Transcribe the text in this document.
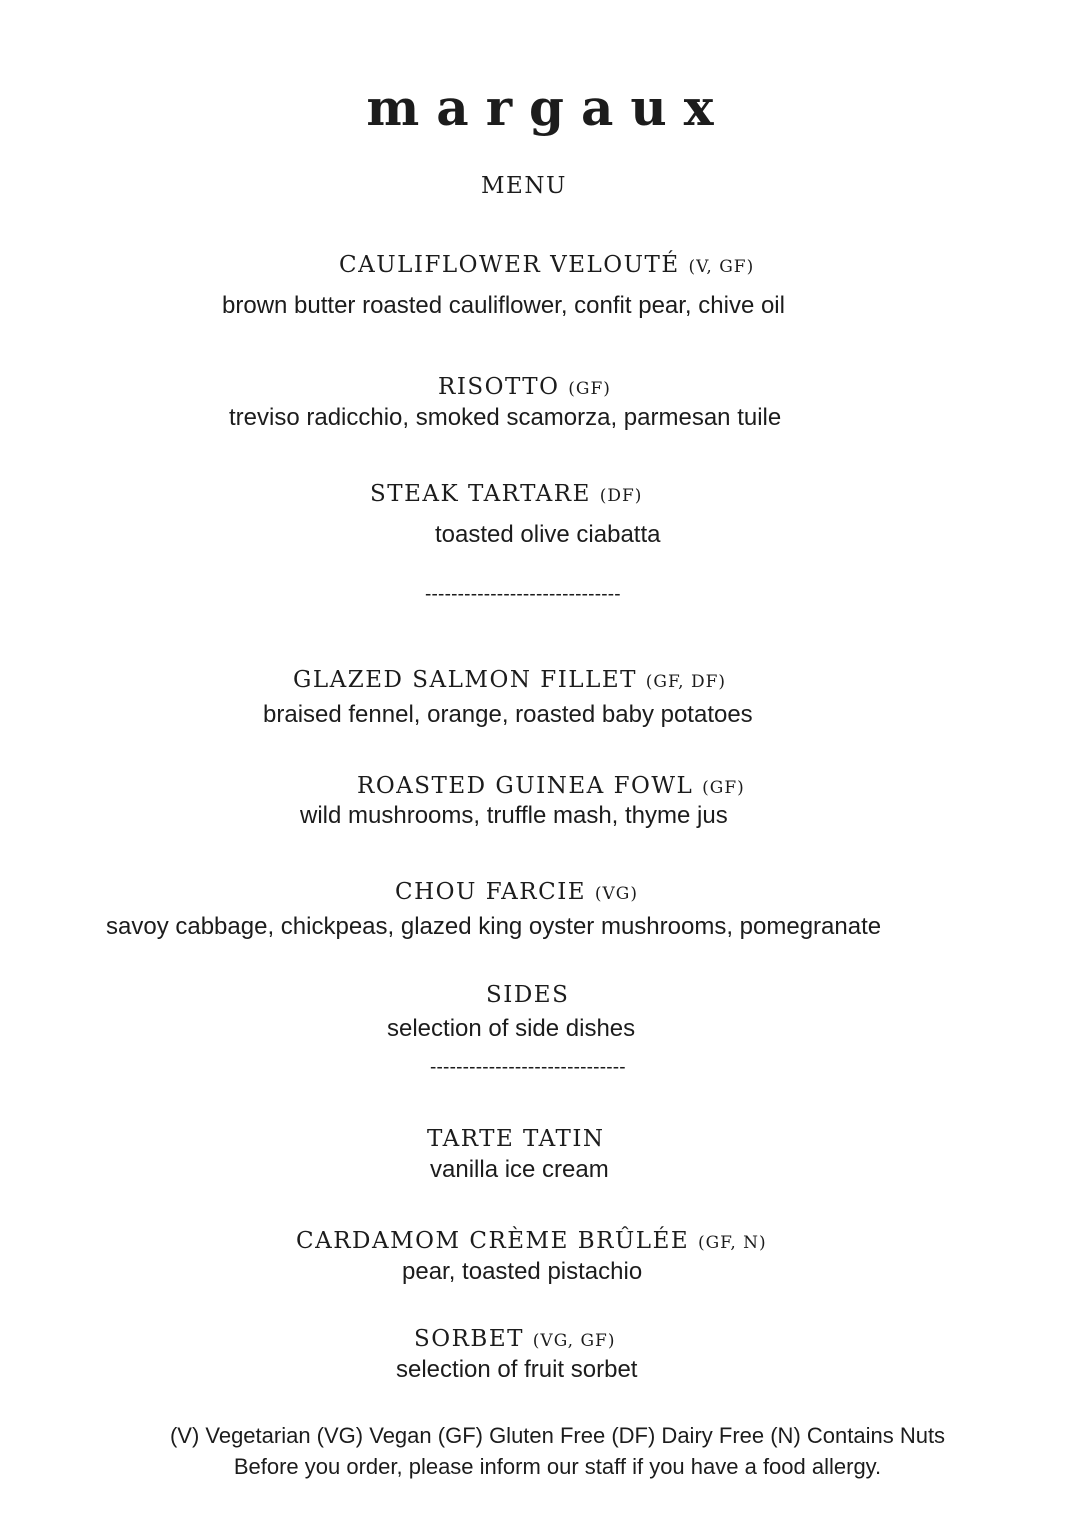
margaux
MENU
CAULIFLOWER VELOUTÉ (V, GF)
brown butter roasted cauliflower, confit pear, chive oil
RISOTTO (GF)
treviso radicchio, smoked scamorza, parmesan tuile
STEAK TARTARE (DF)
toasted olive ciabatta
------------------------------
GLAZED SALMON FILLET (GF, DF)
braised fennel, orange, roasted baby potatoes
ROASTED GUINEA FOWL (GF)
wild mushrooms, truffle mash, thyme jus
CHOU FARCIE (VG)
savoy cabbage, chickpeas, glazed king oyster mushrooms, pomegranate
SIDES
selection of side dishes
------------------------------
TARTE TATIN
vanilla ice cream
CARDAMOM CRÈME BRÛLÉE (GF, N)
pear, toasted pistachio
SORBET (VG, GF)
selection of fruit sorbet
(V) Vegetarian (VG) Vegan (GF) Gluten Free (DF) Dairy Free (N) Contains Nuts
Before you order, please inform our staff if you have a food allergy.
